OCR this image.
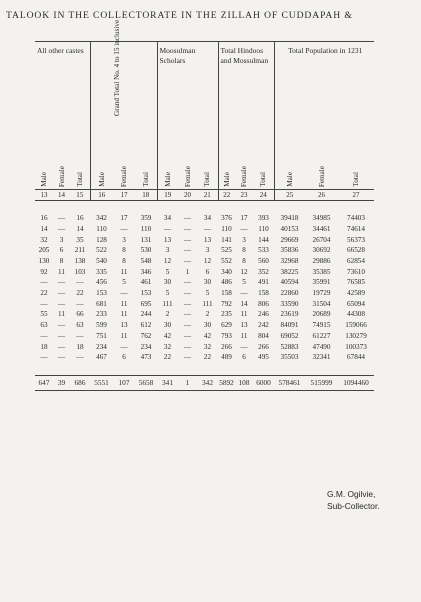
TALOOK IN THE COLLECTORATE IN THE ZILLAH OF CUDDAPAH &
All other castes				Grand Total No. 4 to 15 inclusive		Moosulman Scholars			Total Hindoos and Mossulman			Total Population in 1231		
Male	Female	Total	Male	Female	Total	Male	Female	Total	Male	Female	Total	Male	Female	Total
13	14	15	16	17	18	19	20	21	22	23	24	25	26	27

16	—	16	342	17	359	34	—	34	376	17	393	39418	34985	74403
14	—	14	110	—	110	—	—	—	110	—	110	40153	34461	74614
32	3	35	128	3	131	13	—	13	141	3	144	29669	26704	56373
205	6	211	522	8	530	3	—	3	525	8	533	35836	30692	66528
130	8	138	540	8	548	12	—	12	552	8	560	32968	29886	62854
92	11	103	335	11	346	5	1	6	340	12	352	38225	35385	73610
—	—	—	456	5	461	30	—	30	486	5	491	40594	35991	76585
22	—	22	153	—	153	5	—	5	158	—	158	22860	19729	42589
—	—	—	681	11	695	111	—	111	792	14	806	33590	31504	65094
55	11	66	233	11	244	2	—	2	235	11	246	23619	20689	44308
63	—	63	599	13	612	30	—	30	629	13	242	84091	74915	159066
—	—	—	751	11	762	42	—	42	793	11	804	69052	61227	130279
18	—	18	234	—	234	32	—	32	266	—	266	52883	47490	100373
—	—	—	467	6	473	22	—	22	489	6	495	35503	32341	67844

647	39	686	5551	107	5658	341	1	342	5892	108	6000	578461	515999	1094460
G.M. Ogilvie,
Sub-Collector.
